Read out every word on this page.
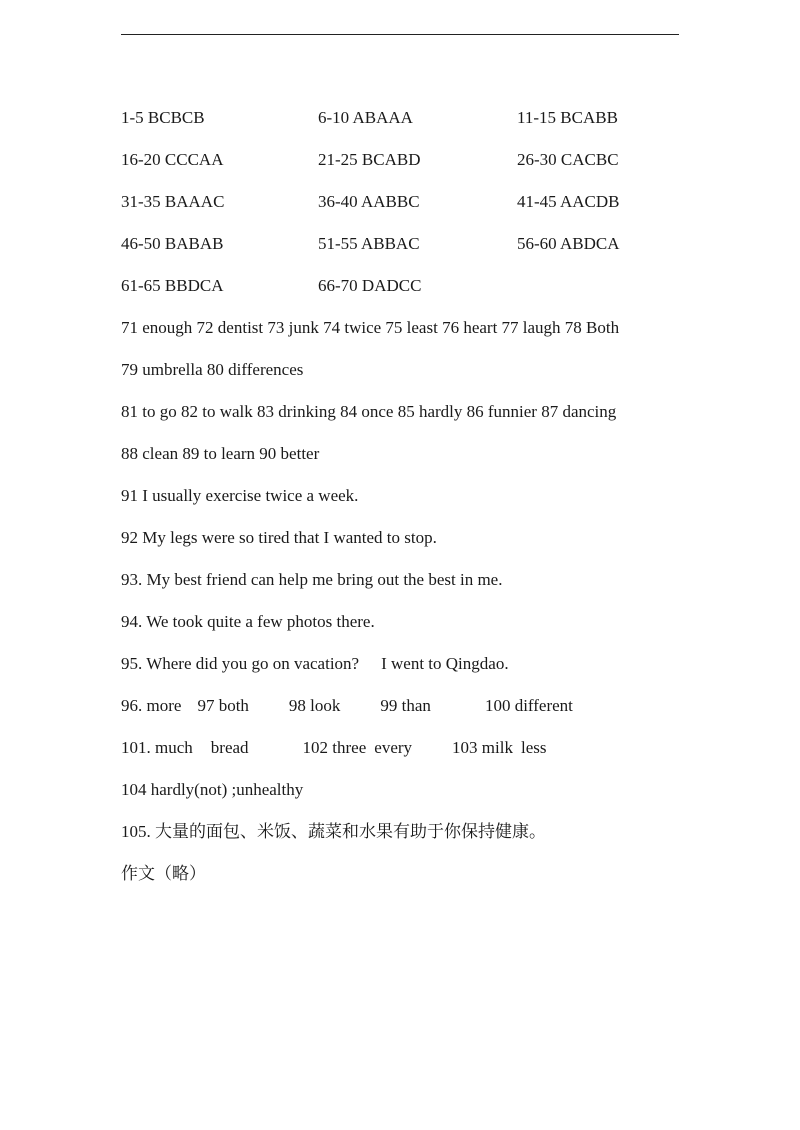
1-5 BCBCB	6-10 ABAAA	11-15 BCABB
16-20 CCCAA	21-25 BCABD	26-30 CACBC
31-35 BAAAC	36-40 AABBC	41-45 AACDB
46-50 BABAB	51-55 ABBAC	56-60 ABDCA
61-65 BBDCA	66-70 DADCC
71 enough 72 dentist 73 junk 74 twice 75 least 76 heart 77 laugh 78 Both
79 umbrella 80 differences
81 to go 82 to walk 83 drinking 84 once 85 hardly 86 funnier 87 dancing
88 clean 89 to learn 90 better
91 I usually exercise twice a week.
92 My legs were so tired that I wanted to stop.
93. My best friend can help me bring out the best in me.
94. We took quite a few photos there.
95. Where did you go on vacation? I went to Qingdao.
96. more 97 both 98 look 99 than	100 different
101. much bread	102 three every 103 milk less
104 hardly(not) ;unhealthy
105. 大量的面包、米饭、蔬菜和水果有助于你保持健康。
作文（略）
